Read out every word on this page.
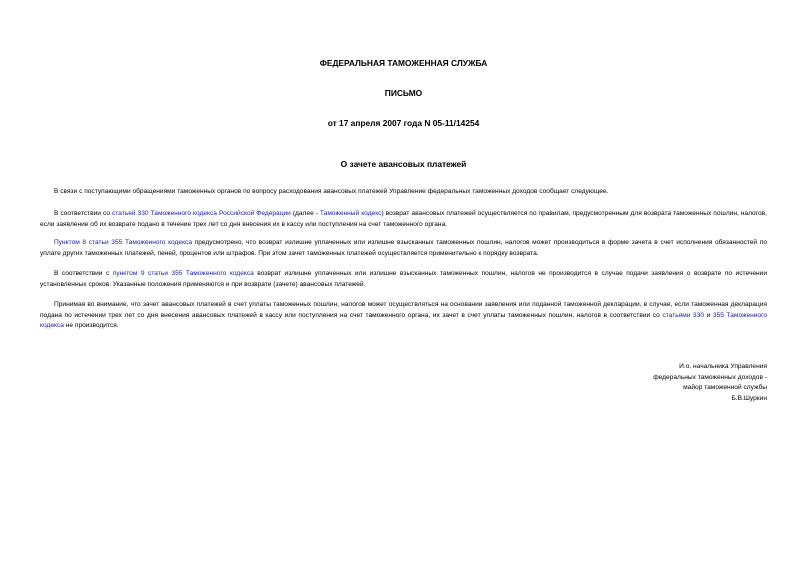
ФЕДЕРАЛЬНАЯ ТАМОЖЕННАЯ СЛУЖБА
ПИСЬМО
от 17 апреля 2007 года N 05-11/14254
О зачете авансовых платежей

В связи с поступающими обращениями таможенных органов по вопросу расходования авансовых платежей Управление федеральных таможенных доходов сообщает следующее.

В соответствии со статьей 330 Таможенного кодекса Российской Федерации (далее - Таможенный кодекс) возврат авансовых платежей осуществляется по правилам, предусмотренным для возврата таможенных пошлин, налогов, если заявление об их возврате подано в течение трех лет со дня внесения их в кассу или поступления на счет таможенного органа.

Пунктом 8 статьи 355 Таможенного кодекса предусмотрено, что возврат излишне уплаченных или излишне взысканных таможенных пошлин, налогов может производиться в форме зачета в счет исполнения обязанностей по уплате других таможенных платежей, пеней, процентов или штрафов. При этом зачет таможенных платежей осуществляется применительно к порядку возврата.

В соответствии с пунктом 9 статьи 355 Таможенного кодекса возврат излишне уплаченных или излишне взысканных таможенных пошлин, налогов не производится в случае подачи заявления о возврате по истечении установленных сроков. Указанные положения применяются и при возврате (зачете) авансовых платежей.

Принимая во внимание, что зачет авансовых платежей в счет уплаты таможенных пошлин, налогов может осуществляться на основании заявления или поданной таможенной декларации, в случае, если таможенная декларация подана по истечении трех лет со дня внесения авансовых платежей в кассу или поступления на счет таможенного органа, их зачет в счет уплаты таможенных пошлин, налогов в соответствии со статьями 330 и 355 Таможенного кодекса не производится.

И.о. начальника Управления
федеральных таможенных доходов -
майор таможенной службы
Б.В.Шуркин
